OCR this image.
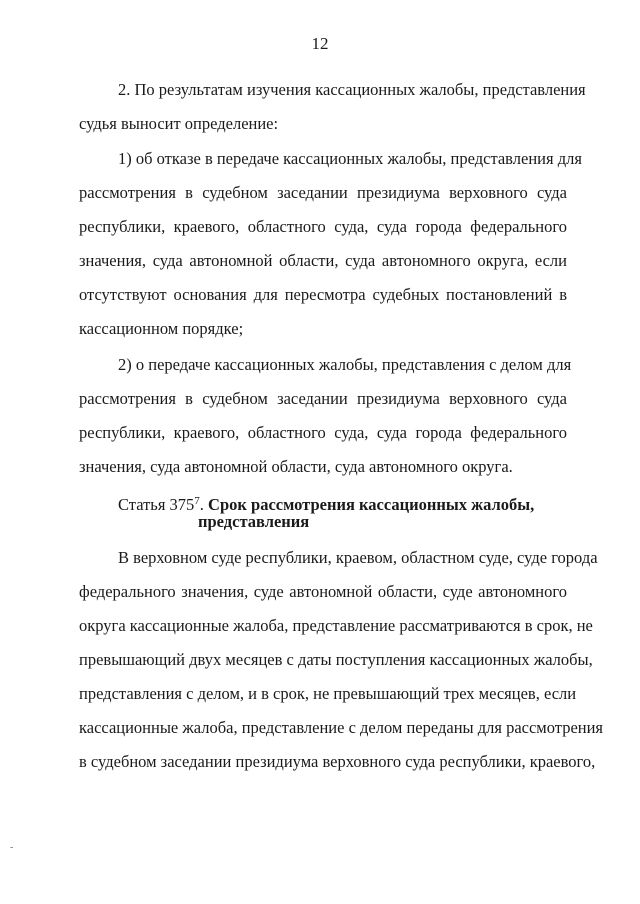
12
2. По результатам изучения кассационных жалобы, представления
судья выносит определение:
1) об отказе в передаче кассационных жалобы, представления для
рассмотрения в судебном заседании президиума верховного суда
республики, краевого, областного суда, суда города федерального
значения, суда автономной области, суда автономного округа, если
отсутствуют основания для пересмотра судебных постановлений в
кассационном порядке;
2) о передаче кассационных жалобы, представления с делом для
рассмотрения в судебном заседании президиума верховного суда
республики, краевого, областного суда, суда города федерального
значения, суда автономной области, суда автономного округа.
Статья $375^7$. Срок рассмотрения кассационных жалобы,
представления
В верховном суде республики, краевом, областном суде, суде города
федерального значения, суде автономной области, суде автономного
округа кассационные жалоба, представление рассматриваются в срок, не
превышающий двух месяцев с даты поступления кассационных жалобы,
представления с делом, и в срок, не превышающий трех месяцев, если
кассационные жалоба, представление с делом переданы для рассмотрения
в судебном заседании президиума верховного суда республики, краевого,
-
